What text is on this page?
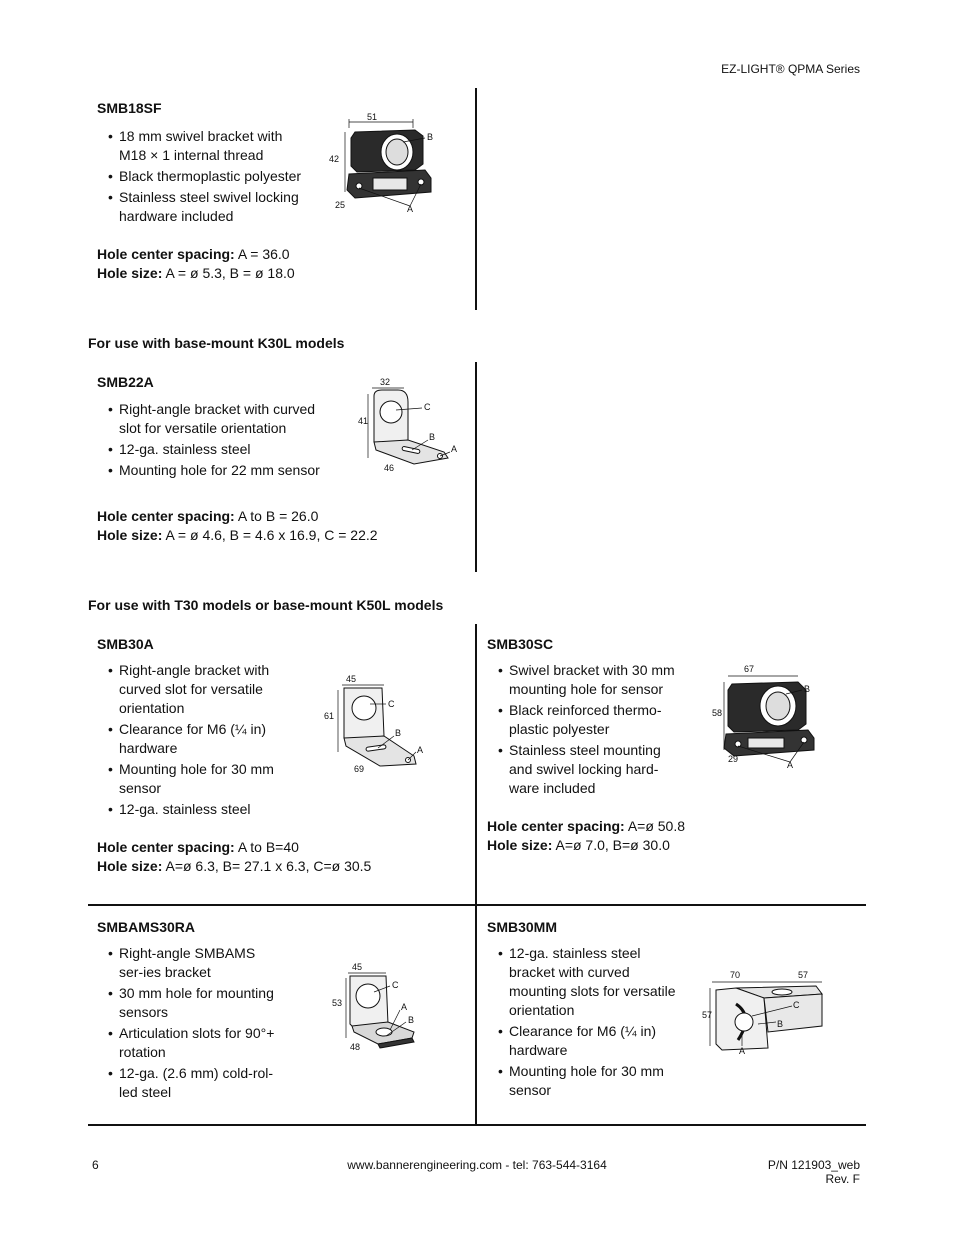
EZ-LIGHT® QPMA Series
SMB18SF
• 18 mm swivel bracket with M18 × 1 internal thread
• Black thermoplastic polyester
• Stainless steel swivel locking hardware included
Hole center spacing: A = 36.0
Hole size: A = ø 5.3, B = ø 18.0
51
42
B
A
25
For use with base-mount K30L models
SMB22A
• Right-angle bracket with curved slot for versatile orientation
• 12-ga. stainless steel
• Mounting hole for 22 mm sensor
Hole center spacing: A to B = 26.0
Hole size: A = ø 4.6, B = 4.6 x 16.9, C = 22.2
32
41
C
B
A
46
For use with T30 models or base-mount K50L models
SMB30A
• Right-angle bracket with curved slot for versatile orientation
• Clearance for M6 (¼ in) hardware
• Mounting hole for 30 mm sensor
• 12-ga. stainless steel
Hole center spacing: A to B=40
Hole size: A=ø 6.3, B= 27.1 x 6.3, C=ø 30.5
45
61
C
B
A
69
SMB30SC
• Swivel bracket with 30 mm mounting hole for sensor
• Black reinforced thermo-plastic polyester
• Stainless steel mounting and swivel locking hard-ware included
Hole center spacing: A=ø 50.8
Hole size: A=ø 7.0, B=ø 30.0
67
58
B
A
29
SMBAMS30RA
• Right-angle SMBAMS ser-ies bracket
• 30 mm hole for mounting sensors
• Articulation slots for 90°+ rotation
• 12-ga. (2.6 mm) cold-rol-led steel
45
53
C
A
B
48
SMB30MM
• 12-ga. stainless steel bracket with curved mounting slots for versatile orientation
• Clearance for M6 (¼ in) hardware
• Mounting hole for 30 mm sensor
70	57
57
C
B
A
6	www.bannerengineering.com - tel: 763-544-3164	P/N 121903_web
Rev. F
